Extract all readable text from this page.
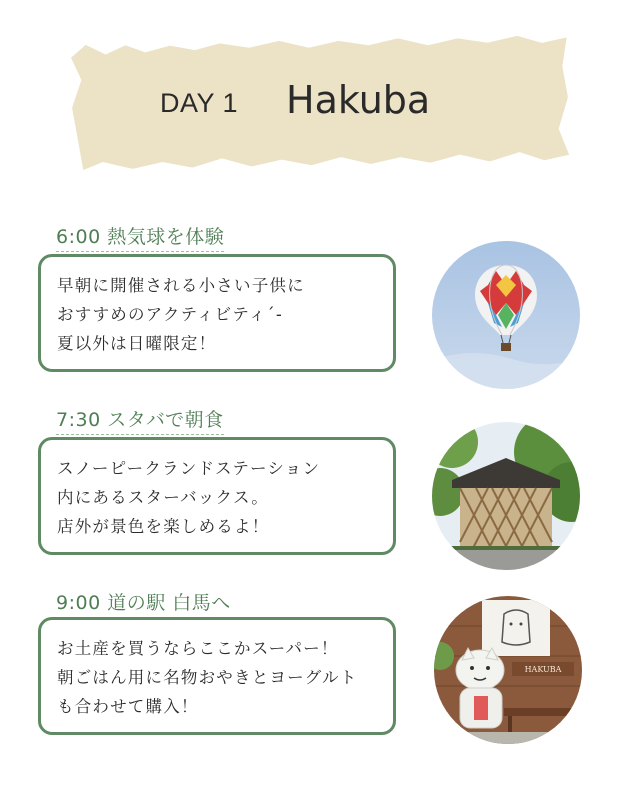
DAY 1 Hakuba
6:00 熱気球を体験
早朝に開催される小さい子供に
おすすめのアクティビティ´-
夏以外は日曜限定！
7:30 スタバで朝食
スノーピークランドステーション
内にあるスターバックス。
店外が景色を楽しめるよ！
9:00 道の駅 白馬へ
お土産を買うならここかスーパー！
朝ごはん用に名物おやきとヨーグルト
も合わせて購入！
HAKUBA
